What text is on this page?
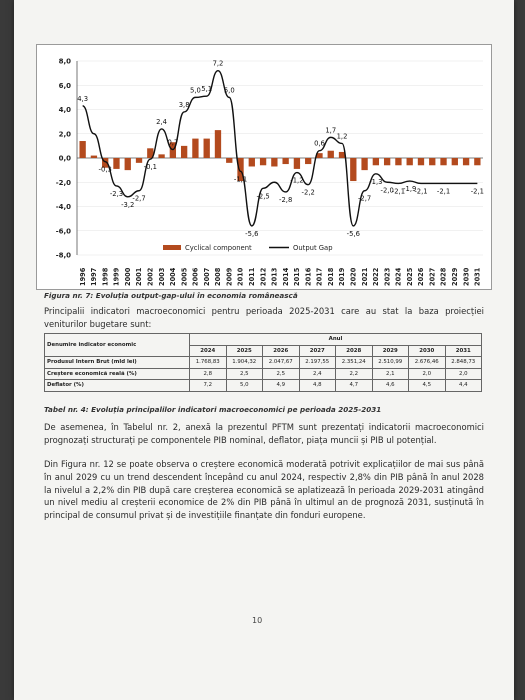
8,0
6,0
4,0
2,0
0,0
-2,0
-4,0
-6,0
-8,0
4,3
-0,3
-2,3
-3,2
-2,7
-0,1
2,4
0,7
3,8
5,0 5,1
7,2
5,0
-1,1
-5,6
-2,5 -2,8
-1,2
-2,2
0,6
1,7
1,2
-5,6
-2,7
-1,3
-2,0
-2,1
-1,9
-2,1 -2,1	-2,1
1996 1997 1998 1999 2000 2001 2002 2003 2004 2005 2006 2007 2008 2009 2010 2011 2012 2013 2014 2015 2016 2017 2018 2019 2020 2021 2022 2023 2024 2025 2026 2027 2028 2029 2030 2031
Cyclical component	Output Gap
Figura nr. 7: Evoluția output-gap-ului în economia românească
Principalii indicatori macroeconomici pentru perioada 2025-2031 care au stat la baza proiecției veniturilor bugetare sunt:
Denumire indicator economic	Anul							
	2024	2025	2026	2027	2028	2029	2030	2031
Produsul Intern Brut (mld lei)	1.768,83	1.904,32	2.047,67	2.197,55	2.351,24	2.510,99	2.676,46	2.848,73
Creștere economică reală (%)	2,8	2,5	2,5	2,4	2,2	2,1	2,0	2,0
Deflator (%)	7,2	5,0	4,9	4,8	4,7	4,6	4,5	4,4
Tabel nr. 4: Evoluția principalilor indicatori macroeconomici pe perioada 2025-2031
De asemenea, în Tabelul nr. 2, anexă la prezentul PFTM sunt prezentați indicatorii macroeconomici prognozați structurați pe componentele PIB nominal, deflator, piața muncii și PIB ul potențial.
Din Figura nr. 12 se poate observa o creștere economică moderată potrivit explicațiilor de mai sus până în anul 2029 cu un trend descendent începând cu anul 2024, respectiv 2,8% din PIB până în anul 2028 la nivelul a 2,2% din PIB după care creșterea economică se aplatizează în perioada 2029-2031 atingând un nivel mediu al creșterii economice de 2% din PIB până în ultimul an de prognoză 2031, susținută în principal de consumul privat și de investițiile finanțate din fonduri europene.
10
